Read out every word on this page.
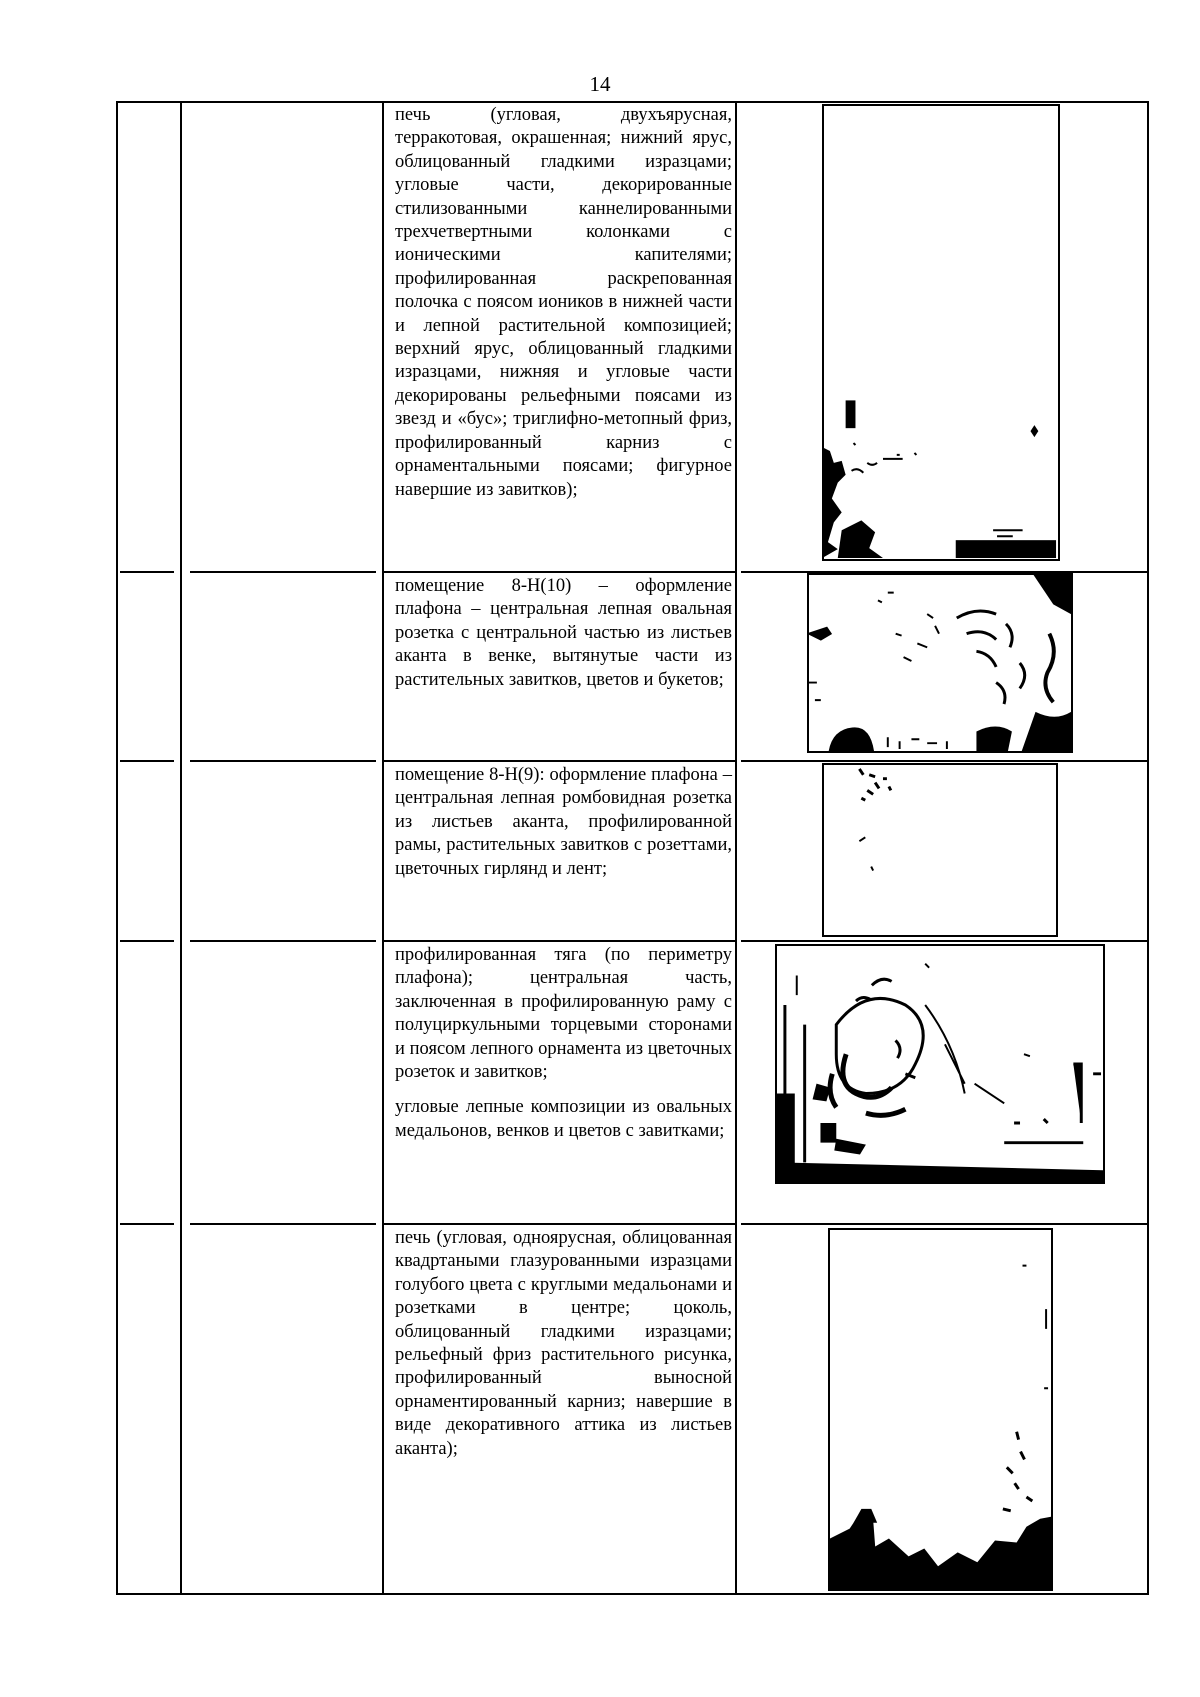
14

печь (угловая, двухъярусная, терракотовая, окрашенная; нижний ярус, облицованный гладкими изразцами; угловые части, декорированные стилизованными каннелированными трехчетвертными колонками с ионическими капителями; профилированная раскрепованная полочка с поясом иоников в нижней части и лепной растительной композицией; верхний ярус, облицованный гладкими изразцами, нижняя и угловые части декорированы рельефными поясами из звезд и «бус»; триглифно-метопный фриз, профилированный карниз с орнаментальными поясами; фигурное навершие из завитков);

помещение 8-Н(10) – оформление плафона – центральная лепная овальная розетка с центральной частью из листьев аканта в венке, вытянутые части из растительных завитков, цветов и букетов;

помещение 8-Н(9): оформление плафона – центральная лепная ромбовидная розетка из листьев аканта, профилированной рамы, растительных завитков с розеттами, цветочных гирлянд и лент;

профилированная тяга (по периметру плафона); центральная часть, заключенная в профилированную раму с полуциркульными торцевыми сторонами и поясом лепного орнамента из цветочных розеток и завитков;

угловые лепные композиции из овальных медальонов, венков и цветов с завитками;

печь (угловая, одноярусная, облицованная квадртаными глазурованными изразцами голубого цвета с круглыми медальонами и розетками в центре; цоколь, облицованный гладкими изразцами; рельефный фриз растительного рисунка, профилированный выносной орнаментированный карниз; навершие в виде декоративного аттика из листьев аканта);
